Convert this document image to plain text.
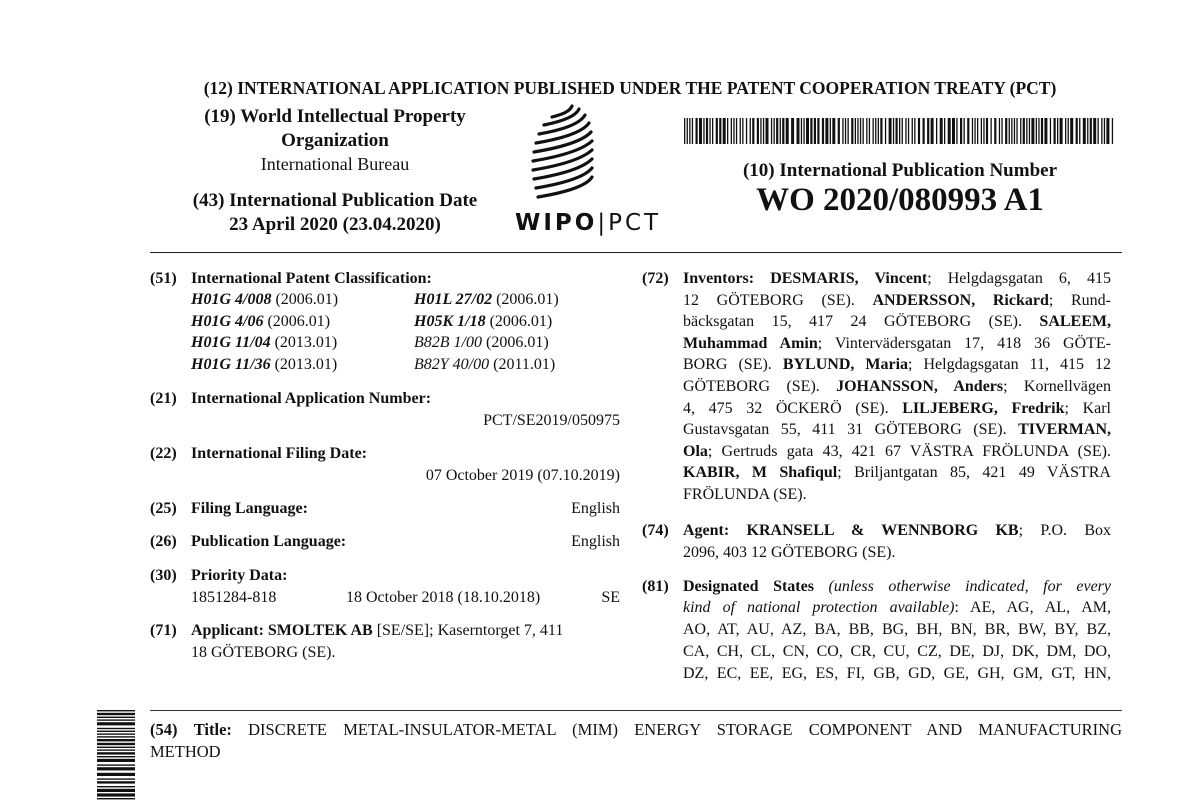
(12) INTERNATIONAL APPLICATION PUBLISHED UNDER THE PATENT COOPERATION TREATY (PCT)
(19) World Intellectual Property
Organization
International Bureau
(43) International Publication Date
23 April 2020 (23.04.2020)	WIPO|PCT
(10) International Publication Number
WO 2020/080993 A1
(51) International Patent Classification:
H01G 4/008 (2006.01)	H01L 27/02 (2006.01)
H01G 4/06 (2006.01)	H05K 1/18 (2006.01)
H01G 11/04 (2013.01)	B82B 1/00 (2006.01)
H01G 11/36 (2013.01)	B82Y 40/00 (2011.01)
(21) International Application Number:
PCT/SE2019/050975
(22) International Filing Date:
07 October 2019 (07.10.2019)
(25) Filing Language:	English
(26) Publication Language:	English
(30) Priority Data:
1851284-818	18 October 2018 (18.10.2018)	SE
(71) Applicant: SMOLTEK AB [SE/SE]; Kaserntorget 7, 411
18 GÖTEBORG (SE).
(72) Inventors: DESMARIS, Vincent; Helgdagsgatan 6, 415
12 GÖTEBORG (SE). ANDERSSON, Rickard; Rund-
bäcksgatan 15, 417 24 GÖTEBORG (SE). SALEEM,
Muhammad Amin; Vintervädersgatan 17, 418 36 GÖTE-
BORG (SE). BYLUND, Maria; Helgdagsgatan 11, 415 12
GÖTEBORG (SE). JOHANSSON, Anders; Kornellvägen
4, 475 32 ÖCKERÖ (SE). LILJEBERG, Fredrik; Karl
Gustavsgatan 55, 411 31 GÖTEBORG (SE). TIVERMAN,
Ola; Gertruds gata 43, 421 67 VÄSTRA FRÖLUNDA (SE).
KABIR, M Shafiqul; Briljantgatan 85, 421 49 VÄSTRA
FRÖLUNDA (SE).
(74) Agent: KRANSELL & WENNBORG KB; P.O. Box
2096, 403 12 GÖTEBORG (SE).
(81) Designated States (unless otherwise indicated, for every
kind of national protection available): AE, AG, AL, AM,
AO, AT, AU, AZ, BA, BB, BG, BH, BN, BR, BW, BY, BZ,
CA, CH, CL, CN, CO, CR, CU, CZ, DE, DJ, DK, DM, DO,
DZ, EC, EE, EG, ES, FI, GB, GD, GE, GH, GM, GT, HN,
(54) Title: DISCRETE METAL-INSULATOR-METAL (MIM) ENERGY STORAGE COMPONENT AND MANUFACTURING
METHOD
